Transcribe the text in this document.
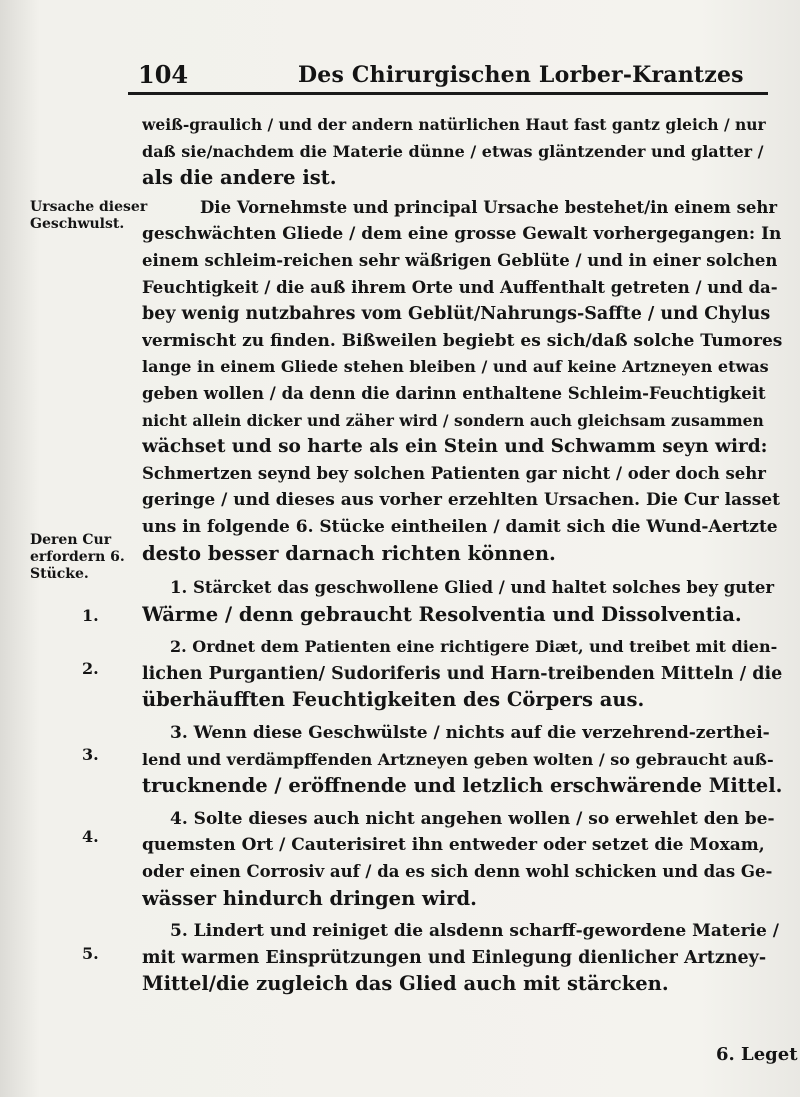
104	Des Chirurgischen Lorber-Krantzes
Ursache dieser
Geschwulst.
Deren Cur
erfordern 6.
Stücke.
1.
2.
3.
4.
5.
weiß-graulich / und der andern natürlichen Haut fast gantz gleich / nur
daß sie/nachdem die Materie dünne / etwas gläntzender und glatter /
als die andere ist.
Die Vornehmste und principal Ursache bestehet/in einem sehr
geschwächten Gliede / dem eine grosse Gewalt vorhergegangen: In
einem schleim-reichen sehr wäßrigen Geblüte / und in einer solchen
Feuchtigkeit / die auß ihrem Orte und Auffenthalt getreten / und da-
bey wenig nutzbahres vom Geblüt/Nahrungs-Saffte / und Chylus
vermischt zu finden. Bißweilen begiebt es sich/daß solche Tumores
lange in einem Gliede stehen bleiben / und auf keine Artzneyen etwas
geben wollen / da denn die darinn enthaltene Schleim-Feuchtigkeit
nicht allein dicker und zäher wird / sondern auch gleichsam zusammen
wächset und so harte als ein Stein und Schwamm seyn wird:
Schmertzen seynd bey solchen Patienten gar nicht / oder doch sehr
geringe / und dieses aus vorher erzehlten Ursachen. Die Cur lasset
uns in folgende 6. Stücke eintheilen / damit sich die Wund-Aertzte
desto besser darnach richten können.
1. Stärcket das geschwollene Glied / und haltet solches bey guter
Wärme / denn gebraucht Resolventia und Dissolventia.
2. Ordnet dem Patienten eine richtigere Diæt, und treibet mit dien-
lichen Purgantien/ Sudoriferis und Harn-treibenden Mitteln / die
überhäufften Feuchtigkeiten des Cörpers aus.
3. Wenn diese Geschwülste / nichts auf die verzehrend-zerthei-
lend und verdämpffenden Artzneyen geben wolten / so gebraucht auß-
trucknende / eröffnende und letzlich erschwärende Mittel.
4. Solte dieses auch nicht angehen wollen / so erwehlet den be-
quemsten Ort / Cauterisiret ihn entweder oder setzet die Moxam,
oder einen Corrosiv auf / da es sich denn wohl schicken und das Ge-
wässer hindurch dringen wird.
5. Lindert und reiniget die alsdenn scharff-gewordene Materie /
mit warmen Einsprützungen und Einlegung dienlicher Artzney-
Mittel/die zugleich das Glied auch mit stärcken.
6. Leget
